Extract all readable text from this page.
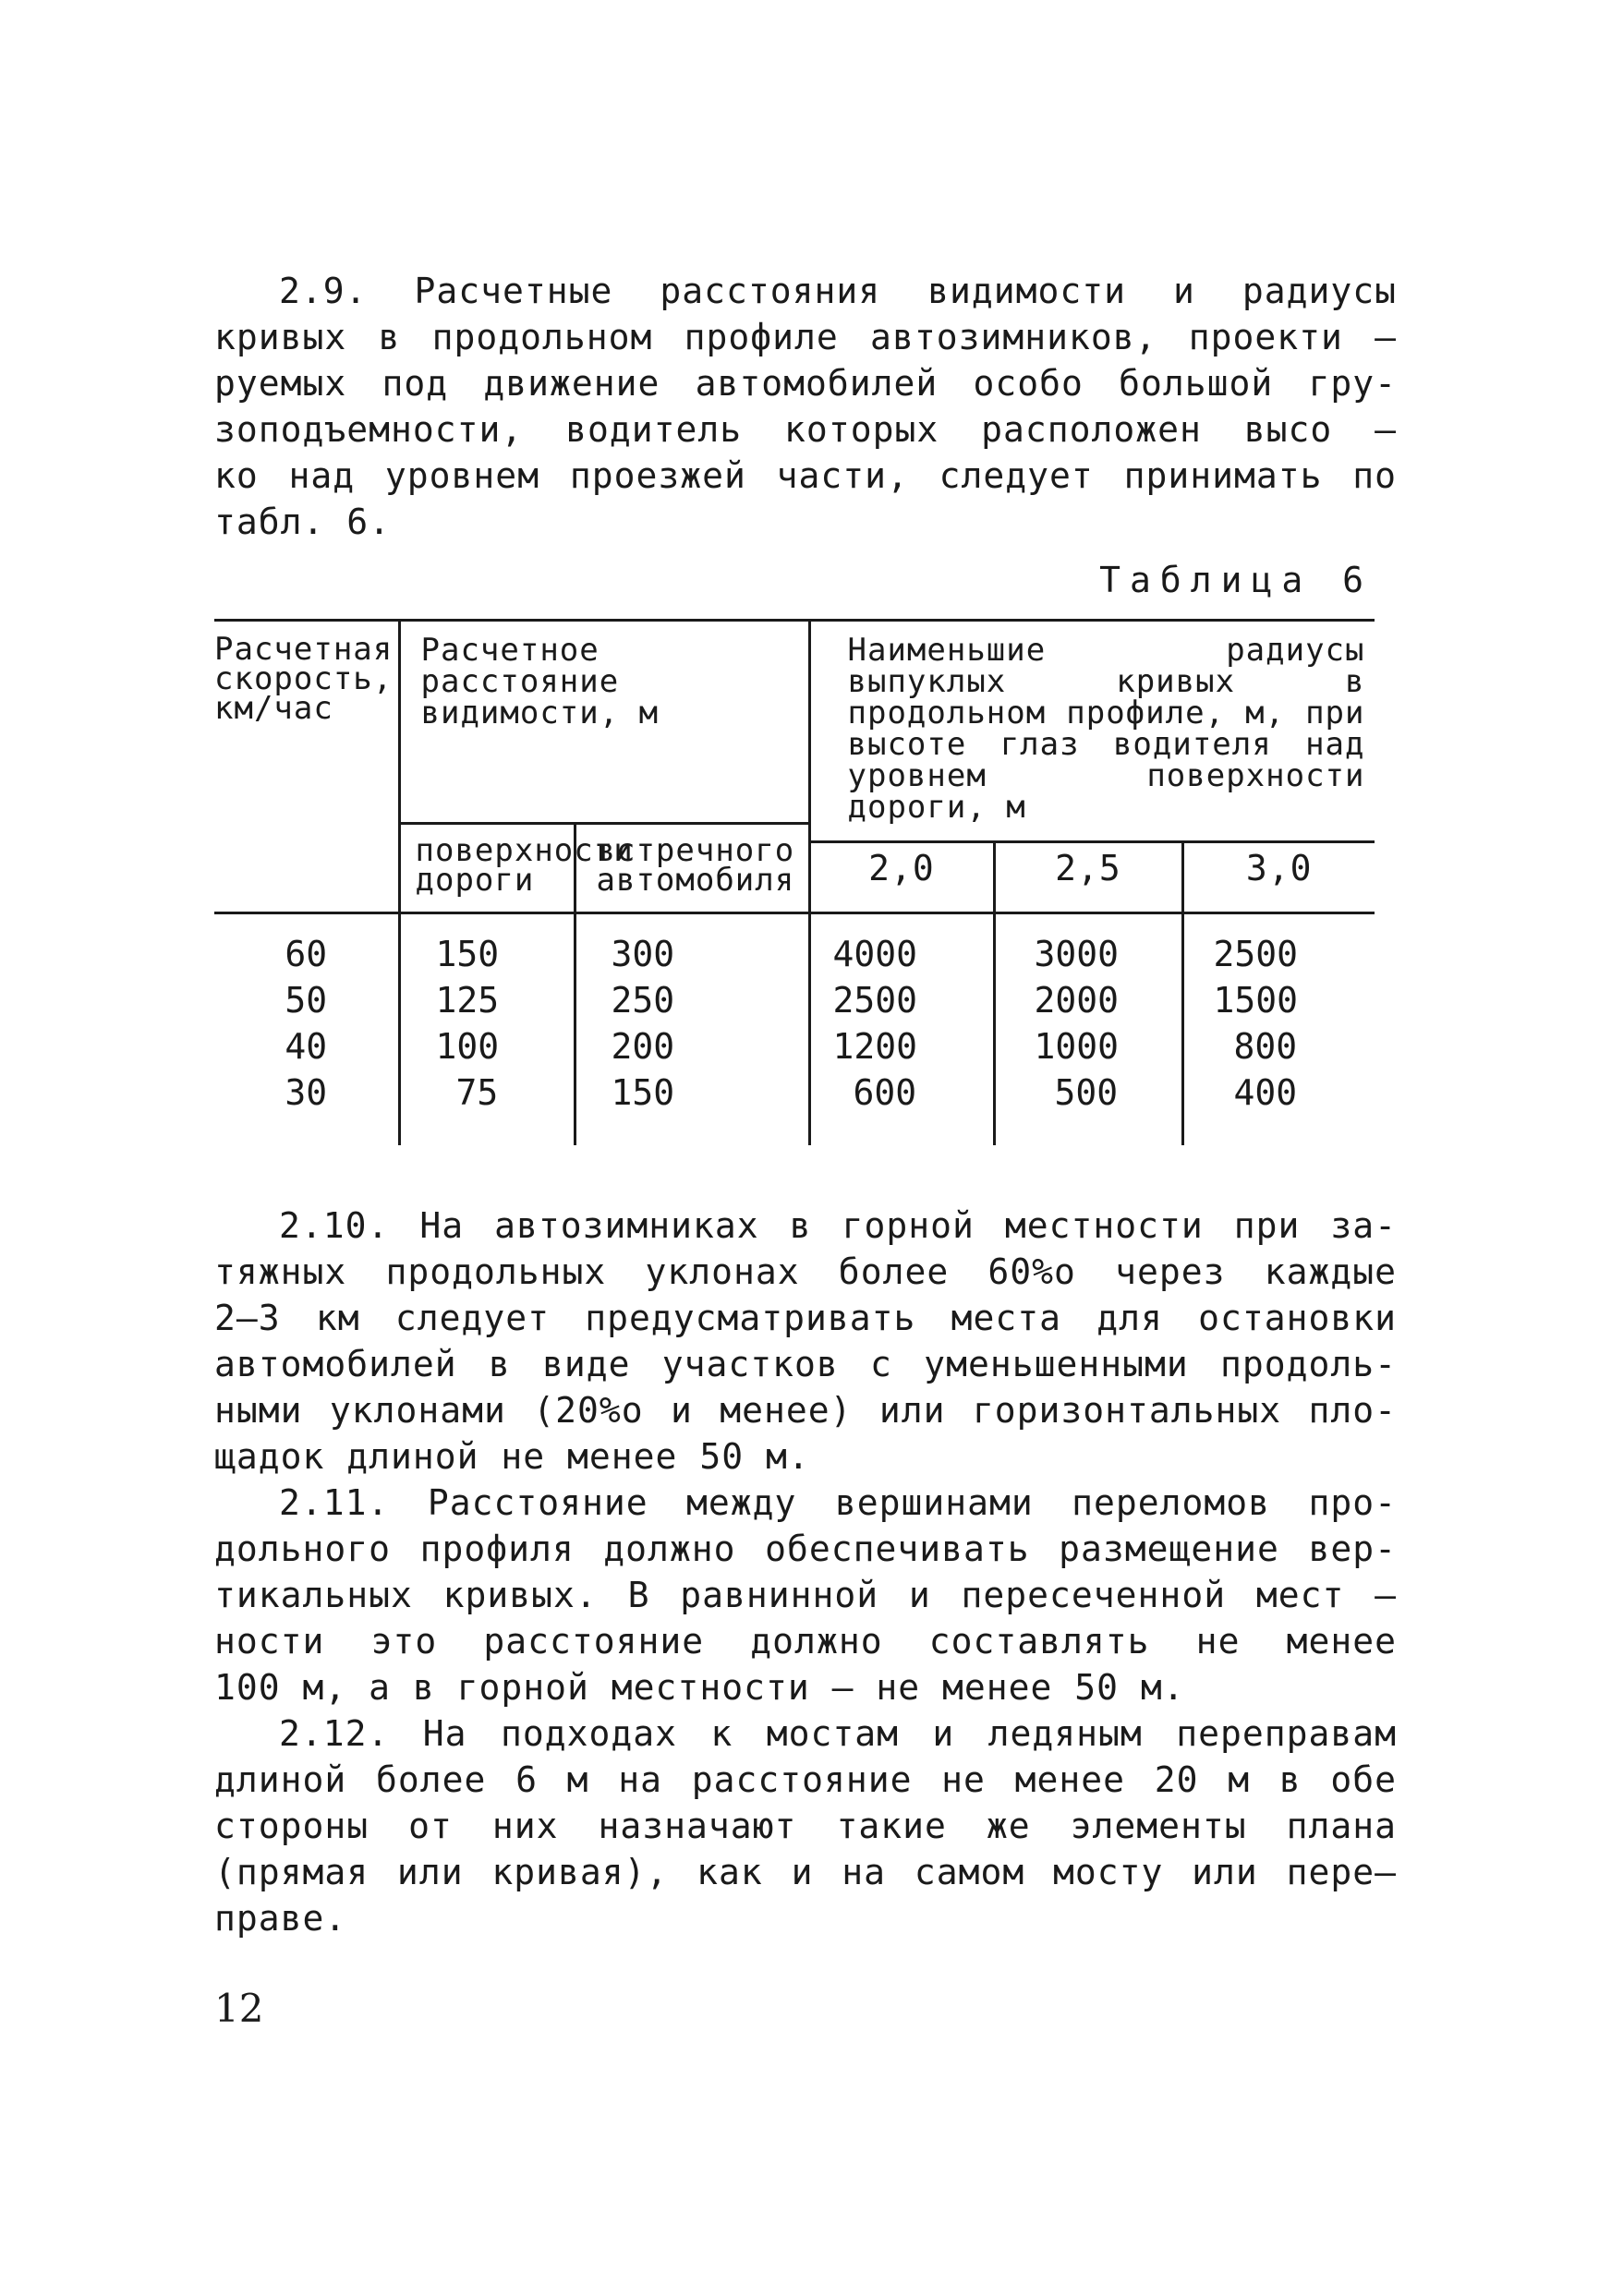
2.9. Расчетные расстояния видимости и радиусы
кривых в продольном профиле автозимников, проекти –
руемых под движение автомобилей особо большой гру-
зоподъемности, водитель которых расположен высо –
ко над уровнем проезжей части, следует принимать по
табл. 6.
Таблица 6
Расчетная скорость, км/час	Расчетное расстояние видимости, м		Наименьшие радиусы выпуклых кривых в продольном профиле, м, при высоте глаз водителя над уровнем поверхности дороги, м		

	поверхности дороги	встречного автомобиля			

			2,0	2,5	3,0
60	150	300	4000	3000	2500
50	125	250	2500	2000	1500
40	100	200	1200	1000	800
30	75	150	600	500	400
2.10. На автозимниках в горной местности при за-
тяжных продольных уклонах более 60%о через каждые
2–3 км следует предусматривать места для остановки
автомобилей в виде участков с уменьшенными продоль-
ными уклонами (20%о и менее) или горизонтальных пло-
щадок длиной не менее 50 м.
2.11. Расстояние между вершинами переломов про-
дольного профиля должно обеспечивать размещение вер-
тикальных кривых. В равнинной и пересеченной мест –
ности это расстояние должно составлять не менее
100 м, а в горной местности – не менее 50 м.
2.12. На подходах к мостам и ледяным переправам
длиной более 6 м на расстояние не менее 20 м в обе
стороны от них назначают такие же элементы плана
(прямая или кривая), как и на самом мосту или пере–
праве.
12
